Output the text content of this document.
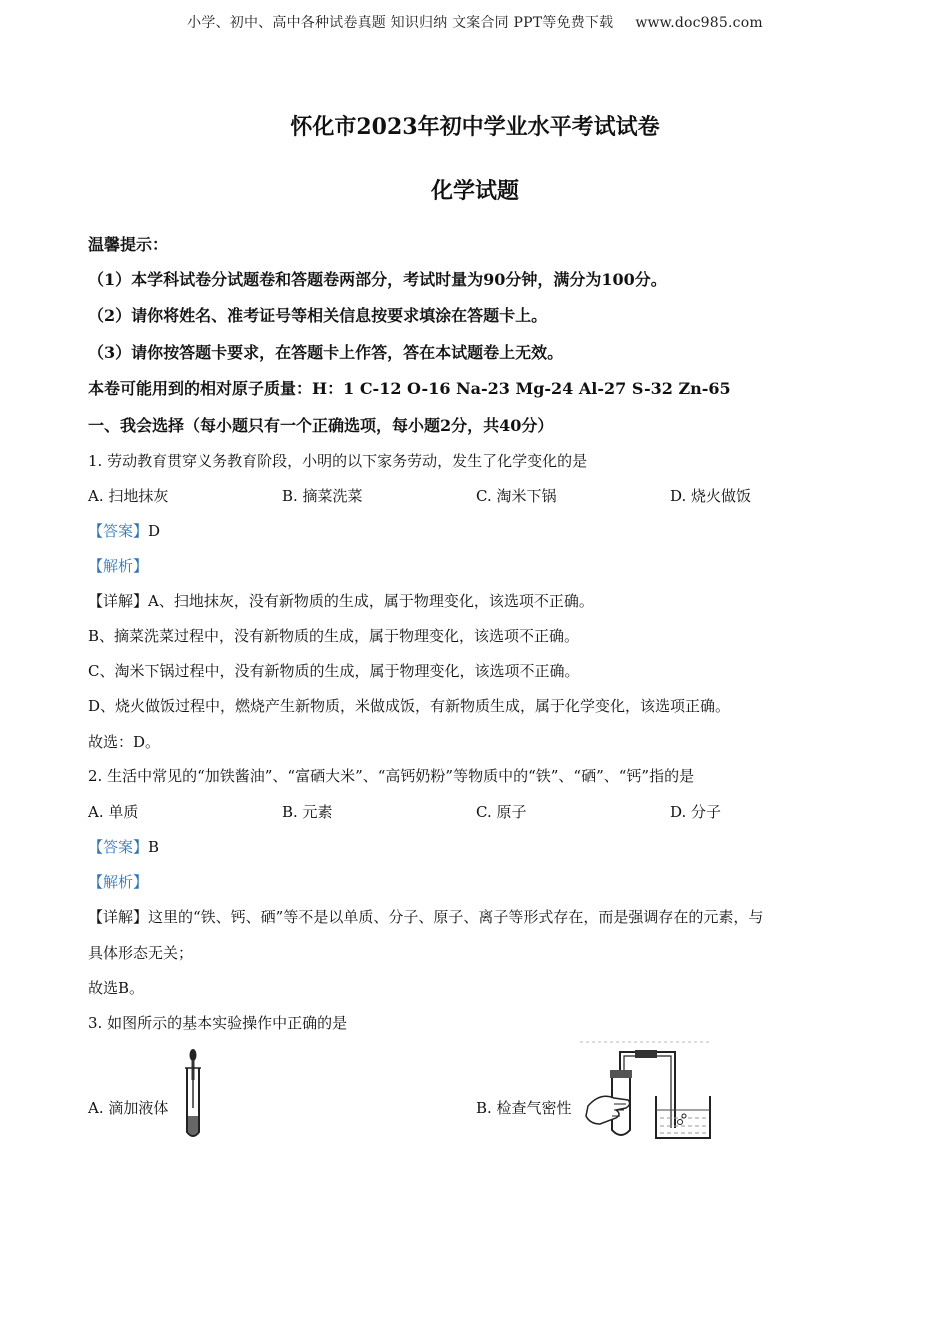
小学、初中、高中各种试卷真题 知识归纳 文案合同 PPT等免费下载 www.doc985.com
怀化市2023年初中学业水平考试试卷
化学试题
温馨提示：
（1）本学科试卷分试题卷和答题卷两部分，考试时量为90分钟，满分为100分。
（2）请你将姓名、准考证号等相关信息按要求填涂在答题卡上。
（3）请你按答题卡要求，在答题卡上作答，答在本试题卷上无效。
本卷可能用到的相对原子质量：H：1 C-12 O-16 Na-23 Mg-24 Al-27 S-32 Zn-65
一、我会选择（每小题只有一个正确选项，每小题2分，共40分）
1. 劳动教育贯穿义务教育阶段，小明的以下家务劳动，发生了化学变化的是
A. 扫地抹灰	B. 摘菜洗菜	C. 淘米下锅	D. 烧火做饭
【答案】D
【解析】
【详解】A、扫地抹灰，没有新物质的生成，属于物理变化，该选项不正确。
B、摘菜洗菜过程中，没有新物质的生成，属于物理变化，该选项不正确。
C、淘米下锅过程中，没有新物质的生成，属于物理变化，该选项不正确。
D、烧火做饭过程中，燃烧产生新物质，米做成饭，有新物质生成，属于化学变化，该选项正确。
故选：D。
2. 生活中常见的“加铁酱油”、“富硒大米”、“高钙奶粉”等物质中的“铁”、“硒”、“钙”指的是
A. 单质	B. 元素	C. 原子	D. 分子
【答案】B
【解析】
【详解】这里的“铁、钙、硒”等不是以单质、分子、原子、离子等形式存在，而是强调存在的元素，与
具体形态无关；
故选B。
3. 如图所示的基本实验操作中正确的是
A. 滴加液体	B. 检查气密性
